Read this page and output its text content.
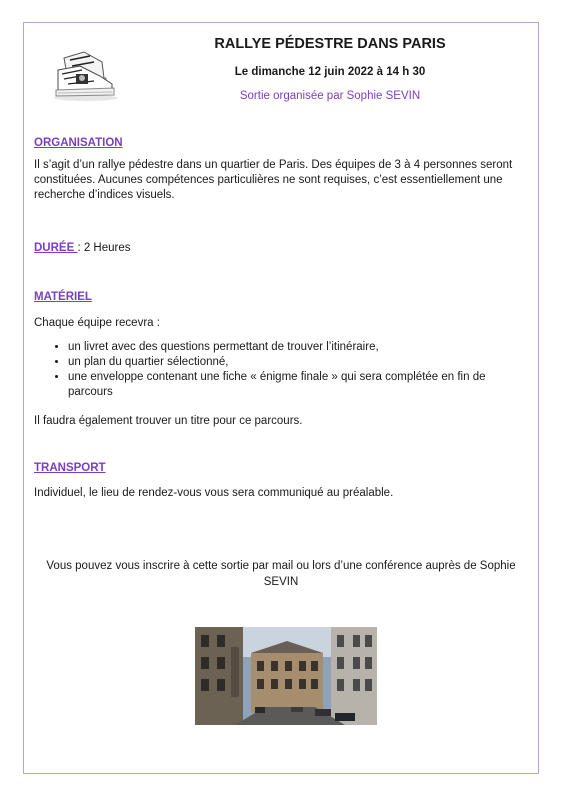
RALLYE PÉDESTRE DANS PARIS
Le dimanche 12 juin 2022 à 14 h 30
Sortie organisée par Sophie SEVIN
ORGANISATION
Il s’agit d’un rallye pédestre dans un quartier de Paris. Des équipes de 3 à 4 personnes seront constituées. Aucunes compétences particulières ne sont requises, c’est essentiellement une recherche d’indices visuels.
DURÉE : 2 Heures
MATÉRIEL
Chaque équipe recevra :
• un livret avec des questions permettant de trouver l’itinéraire,
• un plan du quartier sélectionné,
• une enveloppe contenant une fiche « énigme finale » qui sera complétée en fin de parcours
Il faudra également trouver un titre pour ce parcours.
TRANSPORT
Individuel, le lieu de rendez-vous vous sera communiqué au préalable.
Vous pouvez vous inscrire à cette sortie par mail ou lors d’une conférence auprès de Sophie SEVIN
